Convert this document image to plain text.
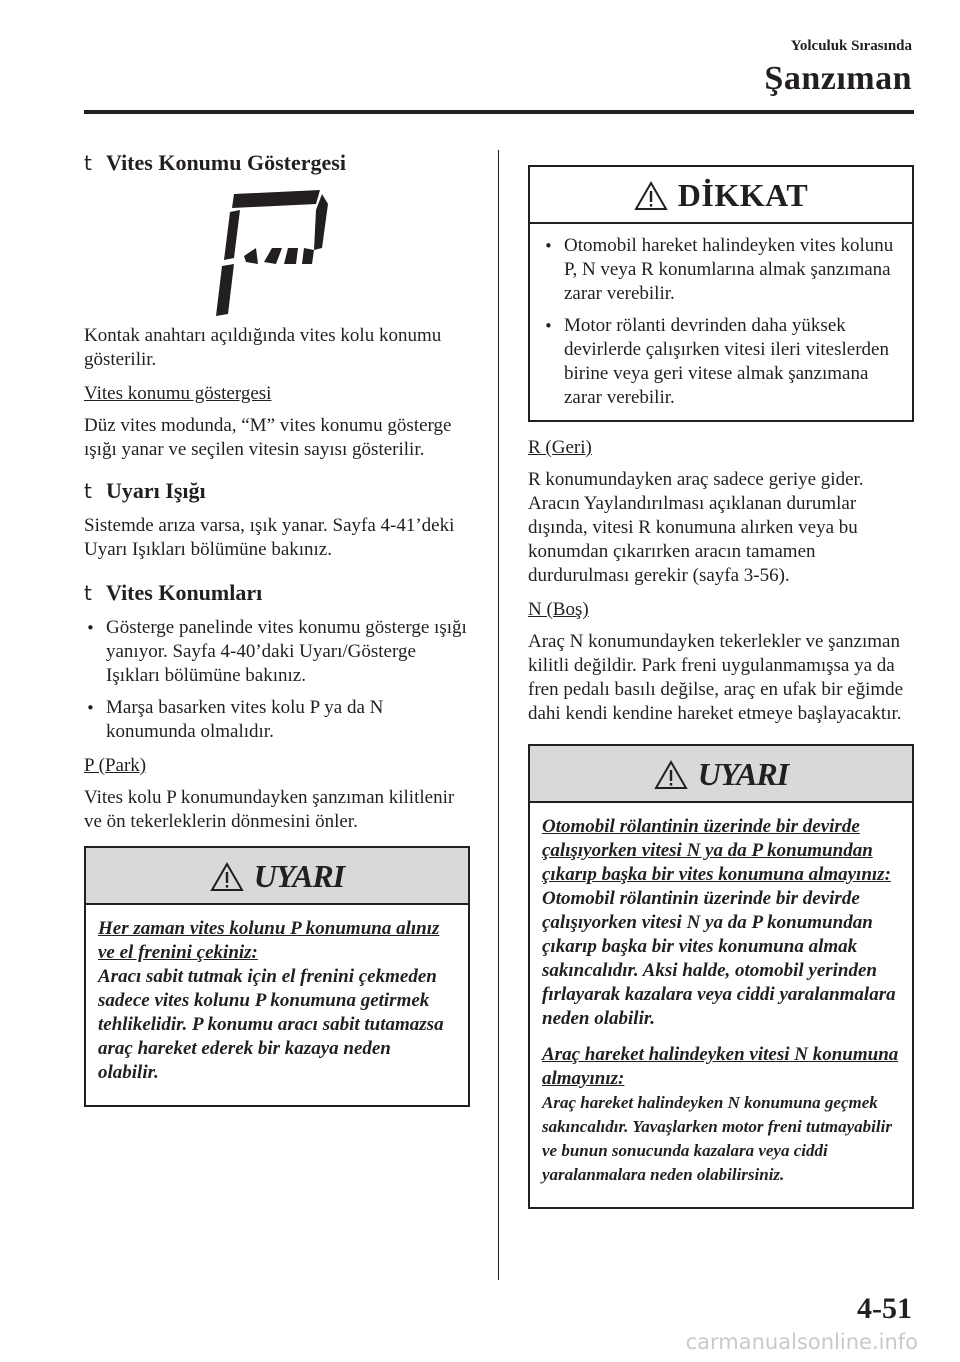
Yolculuk Sırasında
Şanzıman
t Vites Konumu Göstergesi

Kontak anahtarı açıldığında vites kolu konumu gösterilir.

Vites konumu göstergesi

Düz vites modunda, “M” vites konumu gösterge ışığı yanar ve seçilen vitesin sayısı gösterilir.

t Uyarı Işığı

Sistemde arıza varsa, ışık yanar. Sayfa 4-41’deki Uyarı Işıkları bölümüne bakınız.

t Vites Konumları
• Gösterge panelinde vites konumu gösterge ışığı yanıyor. Sayfa 4-40’daki Uyarı/Gösterge Işıkları bölümüne bakınız.
• Marşa basarken vites kolu P ya da N konumunda olmalıdır.
P (Park)

Vites kolu P konumundayken şanzıman kilitlenir ve ön tekerleklerin dönmesini önler.

UYARI

Her zaman vites kolunu P konumuna alınız ve el frenini çekiniz:

Aracı sabit tutmak için el frenini çekmeden sadece vites kolunu P konumuna getirmek tehlikelidir. P konumu aracı sabit tutamazsa araç hareket ederek bir kazaya neden olabilir.

DİKKAT
• Otomobil hareket halindeyken vites kolunu P, N veya R konumlarına almak şanzımana zarar verebilir.
• Motor rölanti devrinden daha yüksek devirlerde çalışırken vitesi ileri viteslerden birine veya geri vitese almak şanzımana zarar verebilir.
R (Geri)

R konumundayken araç sadece geriye gider. Aracın Yaylandırılması açıklanan durumlar dışında, vitesi R konumuna alırken veya bu konumdan çıkarırken aracın tamamen durdurulması gerekir (sayfa 3-56).

N (Boş)

Araç N konumundayken tekerlekler ve şanzıman kilitli değildir. Park freni uygulanmamışsa ya da fren pedalı basılı değilse, araç en ufak bir eğimde dahi kendi kendine hareket etmeye başlayacaktır.

UYARI

Otomobil rölantinin üzerinde bir devirde çalışıyorken vitesi N ya da P konumundan çıkarıp başka bir vites konumuna almayınız:

Otomobil rölantinin üzerinde bir devirde çalışıyorken vitesi N ya da P konumundan çıkarıp başka bir vites konumuna almak sakıncalıdır. Aksi halde, otomobil yerinden fırlayarak kazalara veya ciddi yaralanmalara neden olabilir.

Araç hareket halindeyken vitesi N konumuna almayınız:

Araç hareket halindeyken N konumuna geçmek sakıncalıdır. Yavaşlarken motor freni tutmayabilir ve bunun sonucunda kazalara veya ciddi yaralanmalara neden olabilirsiniz.

4-51
carmanualsonline.info
